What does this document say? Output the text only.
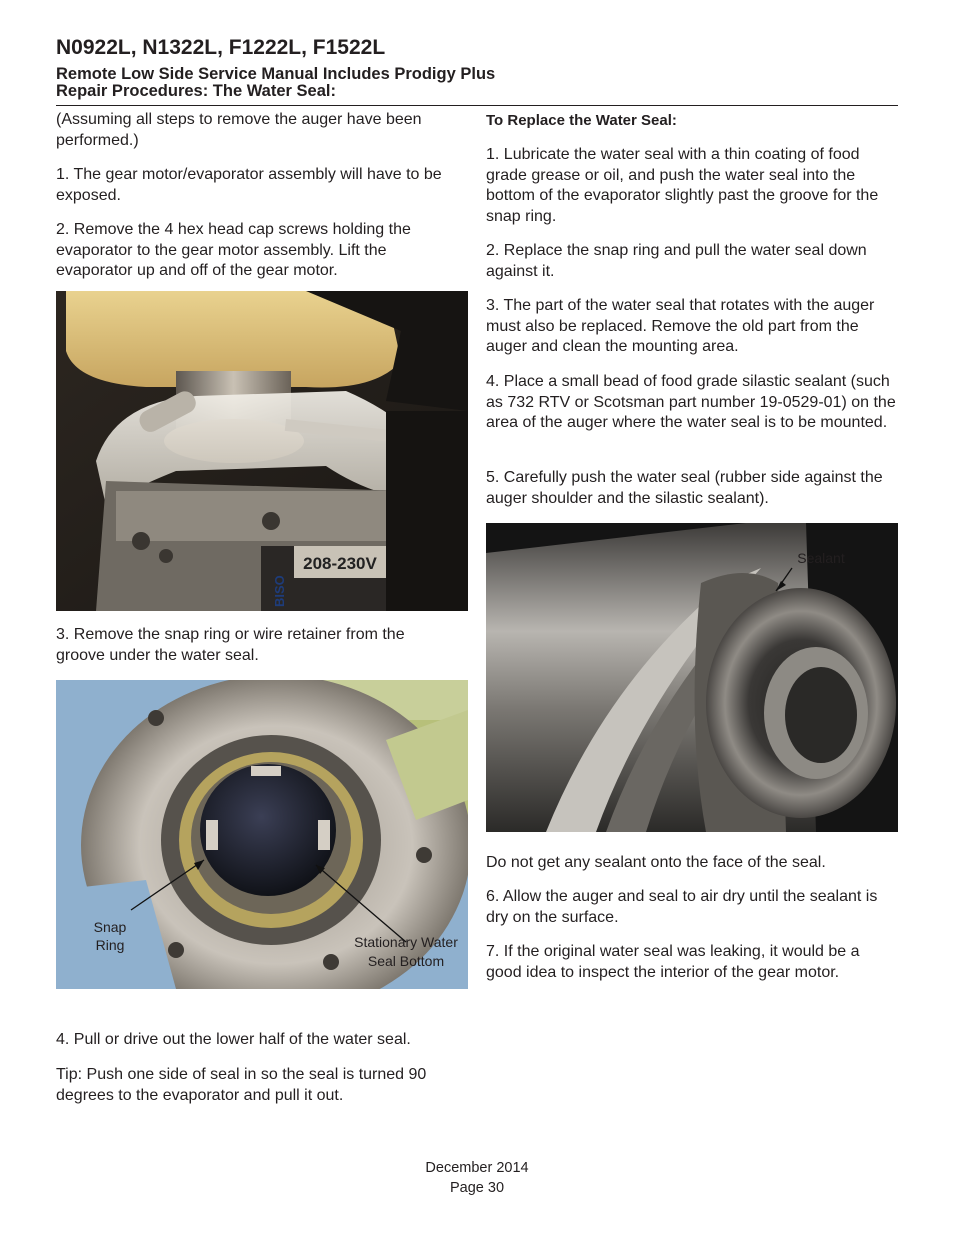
N0922L, N1322L, F1222L, F1522L
Remote Low Side Service Manual Includes Prodigy Plus
Repair Procedures: The Water Seal:

(Assuming all steps to remove the auger have been performed.)

1. The gear motor/evaporator assembly will have to be exposed.

2. Remove the 4 hex head cap screws holding the evaporator to the gear motor assembly. Lift the evaporator up and off of the gear motor.

208-230V
BISO

3. Remove the snap ring or wire retainer from the groove under the water seal.

Snap
Ring	Stationary Water
Seal Bottom

4. Pull or drive out the lower half of the water seal.

Tip: Push one side of seal in so the seal is turned 90 degrees to the evaporator and pull it out.

To Replace the Water Seal:

1. Lubricate the water seal with a thin coating of food grade grease or oil, and push the water seal into the bottom of the evaporator slightly past the groove for the snap ring.

2. Replace the snap ring and pull the water seal down against it.

3. The part of the water seal that rotates with the auger must also be replaced. Remove the old part from the auger and clean the mounting area.

4. Place a small bead of food grade silastic sealant (such as 732 RTV or Scotsman part number 19-0529-01) on the area of the auger where the water seal is to be mounted.

5. Carefully push the water seal (rubber side against the auger shoulder and the silastic sealant).

Sealant

Do not get any sealant onto the face of the seal.

6. Allow the auger and seal to air dry until the sealant is dry on the surface.

7. If the original water seal was leaking, it would be a good idea to inspect the interior of the gear motor.

December 2014
Page 30
